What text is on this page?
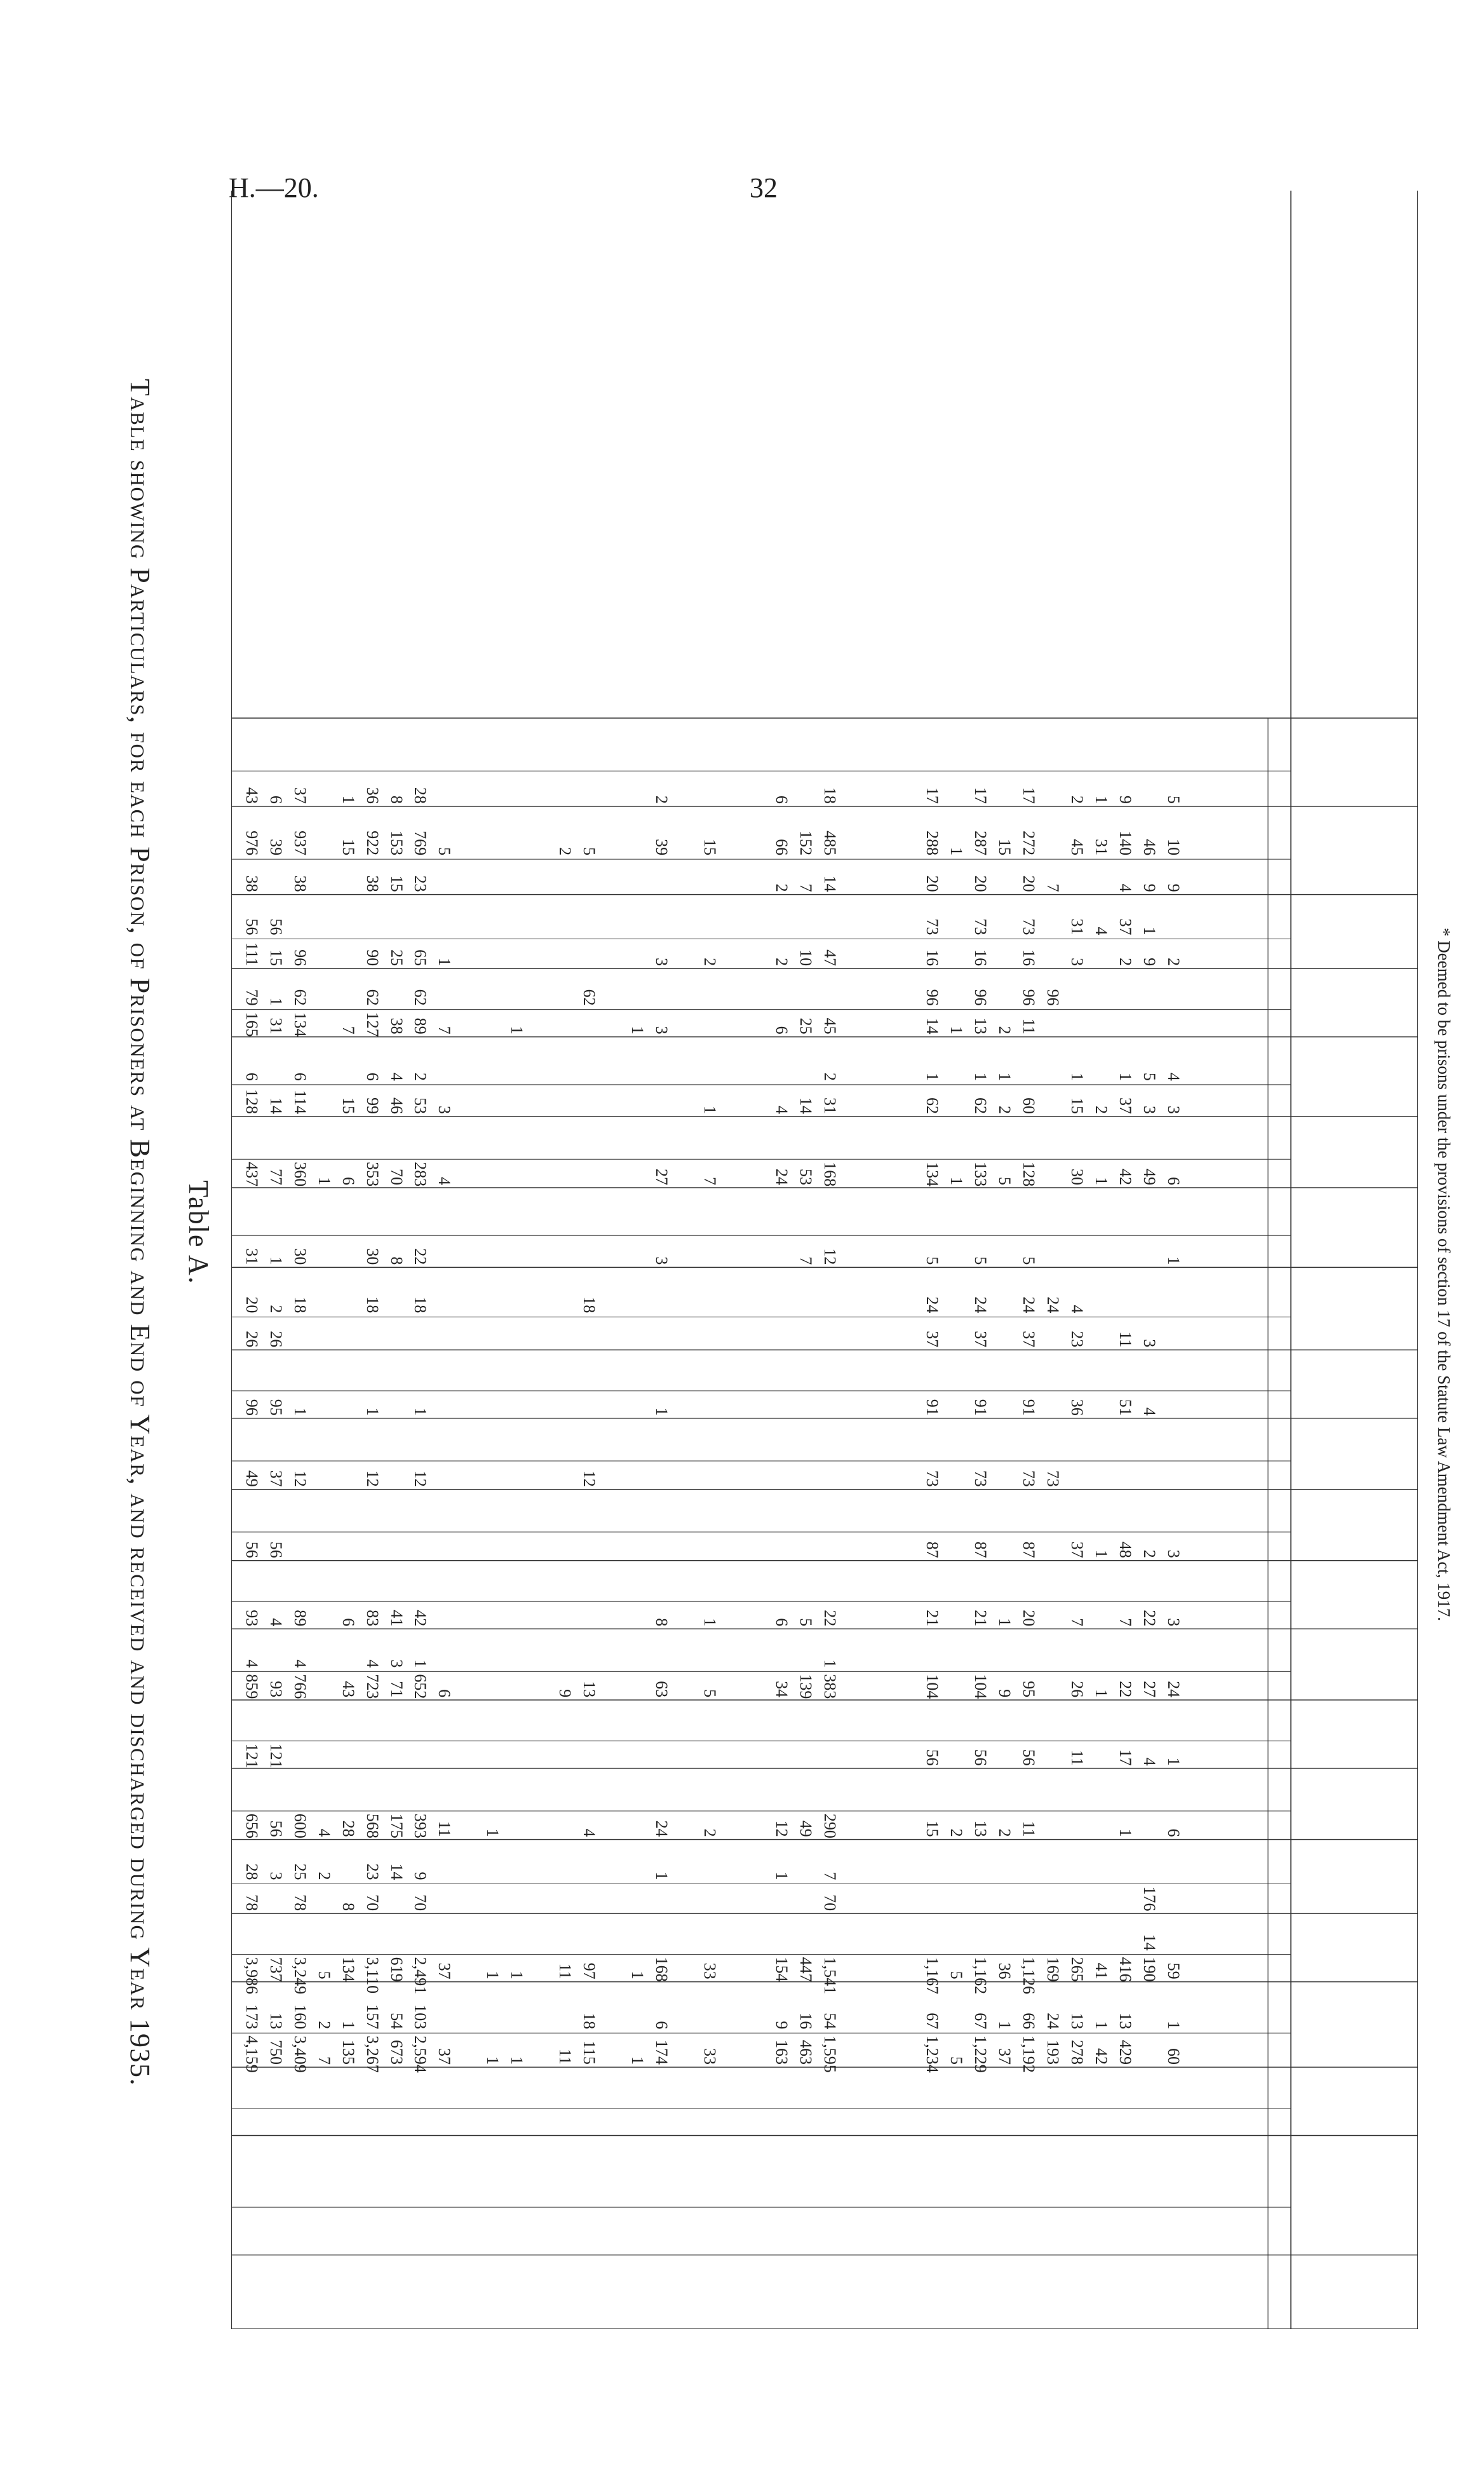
H.—20.	32
Table A.
Table showing Particulars, for each Prison, of Prisoners at Beginning and End of Year, and received and discharged during Year 1935.	5
10
9
2
4
3
6
1
3
3
24
1
6
59
1
60
46
9
1
9
5
3
49
3
4
2
22
27
4
176
14
190
9
140
4
37
2
1
37
42
11
51
48
7
22
17
1
416
13
429
1
31
4
2
1
1
1
41
1
42
2
45
31
3
1
15
30
4
23
36
37
7
26
11
265
13
278
7
96
24
73
169
24
193
17
272
20
73
16
96
11
60
128
5
24
37
91
73
87
20
95
56
11
1,126
66
1,192
15
2
1
2
5
1
9
2
36
1
37
17
287
20
73
16
96
13
1
62
133
5
24
37
91
73
87
21
104
56
13
1,162
67
1,229
1
1
1
2
5
5
17
288
20
73
16
96
14
1
62
134
5
24
37
91
73
87
21
104
56
15
1,167
67
1,234
18
485
14
47
45
2
31
168
12
22
1
383
290
7
70
1,541
54
1,595
152
7
10
25
14
53
7
5
139
49
447
16
463
6
66
2
2
6
4
24
6
34
12
1
154
9
163
15
2
1
7
1
5
2
33
33
2
39
3
3
27
3
1
8
63
24
1
168
6
174
1
1
1
5
62
18
12
13
4
97
18
115
2
9
11
11
1
1
1
1
1
1
5
1
7
3
4
6
11
37
37
28
769
23
65
62
89
2
53
283
22
18
1
12
42
1
652
393
9
70
2,491
103
2,594
8
153
15
25
38
4
46
70
8
41
3
71
175
14
619
54
673
36
922
38
90
62
127
6
99
353
30
18
1
12
83
4
723
568
23
70
3,110
157
3,267
1
15
7
15
6
6
43
28
8
134
1
135
1
4
2
5
2
7
37
937
38
96
62
134
6
114
360
30
18
1
12
89
4
766
600
25
78
3,249
160
3,409
6
39
56
15
1
31
14
77
1
2
26
95
37
56
4
93
121
56
3
737
13
750
43
976
38
56
111
79
165
6
128
437
31
20
26
96
49
56
93
4
859
121
656
28
78
3,986
173
4,159
* Deemed to be prisons under the provisions of section 17 of the Statute Law Amendment Act, 1917.
